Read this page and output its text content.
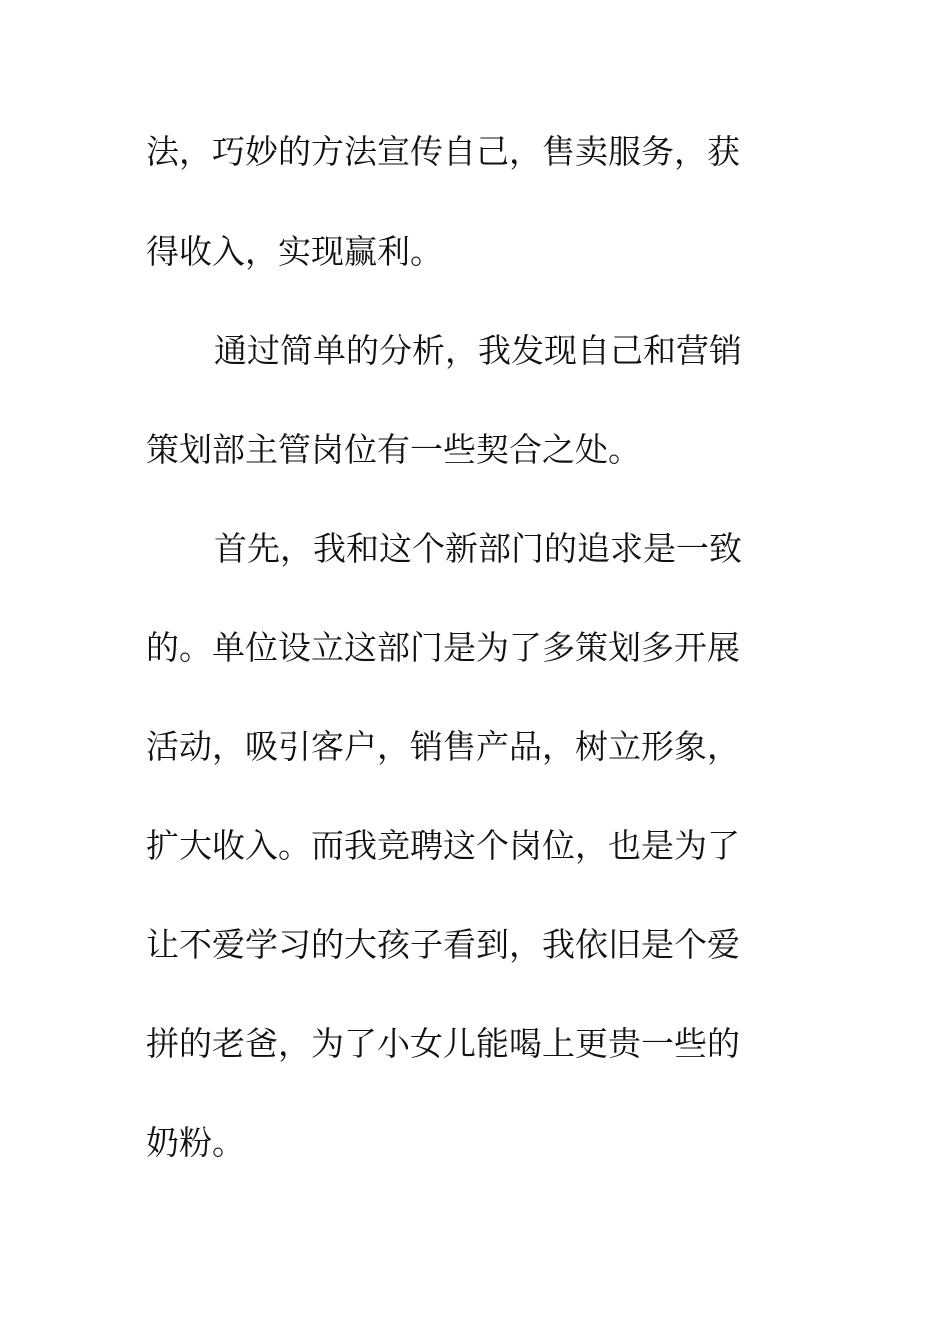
法，巧妙的方法宣传自己，售卖服务，获
得收入，实现赢利。
通过简单的分析，我发现自己和营销
策划部主管岗位有一些契合之处。
首先，我和这个新部门的追求是一致
的。单位设立这部门是为了多策划多开展
活动，吸引客户，销售产品，树立形象，
扩大收入。而我竞聘这个岗位，也是为了
让不爱学习的大孩子看到，我依旧是个爱
拼的老爸，为了小女儿能喝上更贵一些的
奶粉。
